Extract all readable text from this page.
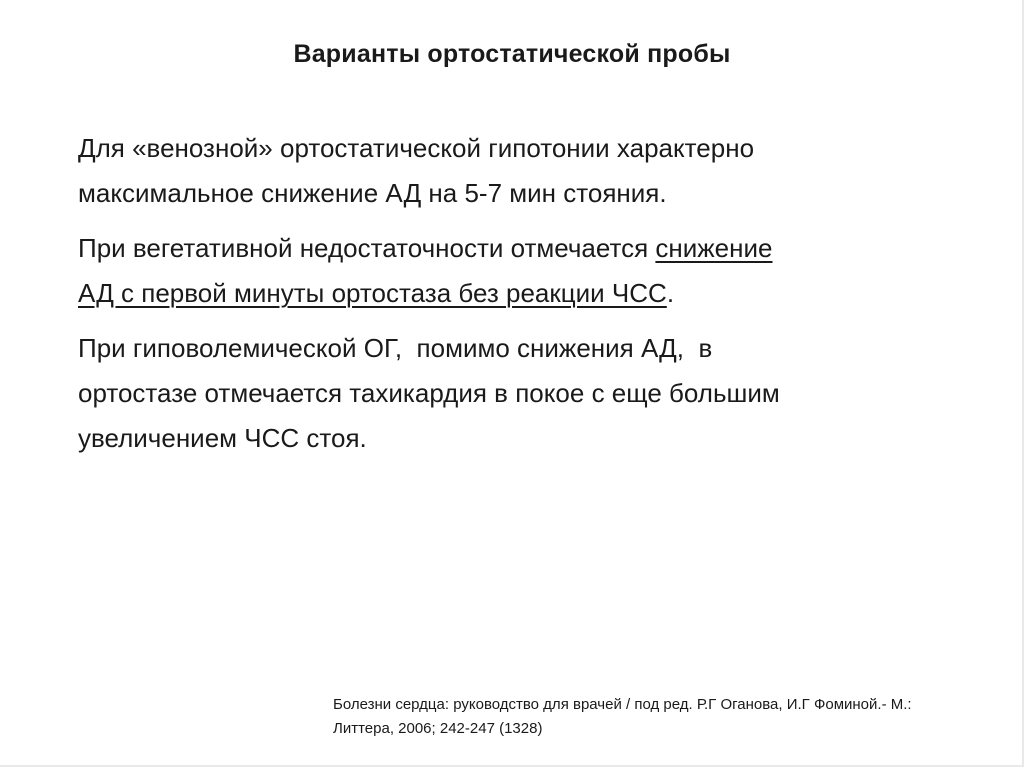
Варианты ортостатической пробы

Для «венозной» ортостатической гипотонии характерно
максимальное снижение АД на 5-7 мин стояния.

При вегетативной недостаточности отмечается снижение
АД с первой минуты ортостаза без реакции ЧСС.

При гиповолемической ОГ,  помимо снижения АД,  в
ортостазе отмечается тахикардия в покое с еще большим
увеличением ЧСС стоя.

Болезни сердца: руководство для врачей / под ред. Р.Г Оганова, И.Г Фоминой.- М.:
Литтера, 2006; 242-247 (1328)
